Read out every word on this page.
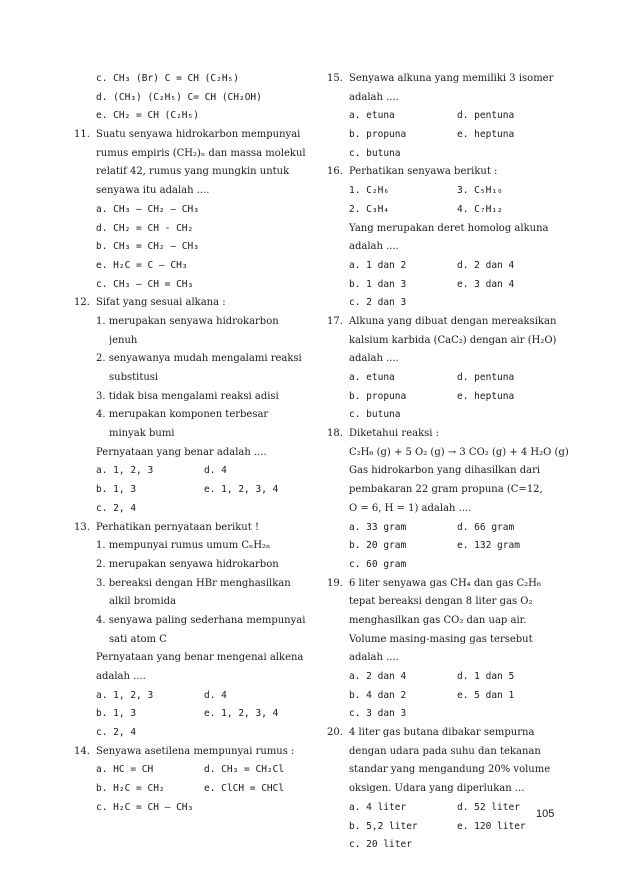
c. CH₃ (Br) C = CH (C₂H₅)
d. (CH₃) (C₂H₅) C= CH (CH₂OH)
e. CH₂ = CH (C₂H₅)
11. Suatu senyawa hidrokarbon mempunyai
rumus empiris (CH₂)ₙ dan massa molekul
relatif 42, rumus yang mungkin untuk
senyawa itu adalah ....
a. CH₃ – CH₂ – CH₃
d. CH₂ = CH - CH₂
b. CH₃ = CH₂ – CH₃
e. H₂C = C – CH₃
c. CH₃ – CH = CH₃
12. Sifat yang sesuai alkana :
1. merupakan senyawa hidrokarbon
jenuh
2. senyawanya mudah mengalami reaksi
substitusi
3. tidak bisa mengalami reaksi adisi
4. merupakan komponen terbesar
minyak bumi
Pernyataan yang benar adalah ....
a. 1, 2, 3	d. 4
b. 1, 3	e. 1, 2, 3, 4
c. 2, 4
13. Perhatikan pernyataan berikut !
1. mempunyai rumus umum CₙH₂ₙ
2. merupakan senyawa hidrokarbon
3. bereaksi dengan HBr menghasilkan
alkil bromida
4. senyawa paling sederhana mempunyai
sati atom C
Pernyataan yang benar mengenai alkena
adalah ....
a. 1, 2, 3	d. 4
b. 1, 3	e. 1, 2, 3, 4
c. 2, 4
14. Senyawa asetilena mempunyai rumus :
a. HC = CH	d. CH₃ = CH₂Cl
b. H₂C = CH₂	e. ClCH = CHCl
c. H₂C = CH – CH₃
15. Senyawa alkuna yang memiliki 3 isomer
adalah ....
a. etuna	d. pentuna
b. propuna	e. heptuna
c. butuna
16. Perhatikan senyawa berikut :
1. C₂H₆	3. C₅H₁₀
2. C₃H₄	4. C₇H₁₂
Yang merupakan deret homolog alkuna
adalah ....
a. 1 dan 2	d. 2 dan 4
b. 1 dan 3	e. 3 dan 4
c. 2 dan 3
17. Alkuna yang dibuat dengan mereaksikan
kalsium karbida (CaC₂) dengan air (H₂O)
adalah ....
a. etuna	d. pentuna
b. propuna	e. heptuna
c. butuna
18. Diketahui reaksi :
C₂H₆ (g) + 5 O₂ (g) → 3 CO₂ (g) + 4 H₂O (g)
Gas hidrokarbon yang dihasilkan dari
pembakaran 22 gram propuna (C=12,
O = 6, H = 1) adalah ....
a. 33 gram	d. 66 gram
b. 20 gram	e. 132 gram
c. 60 gram
19. 6 liter senyawa gas CH₄ dan gas C₂H₆
tepat bereaksi dengan 8 liter gas O₂
menghasilkan gas CO₂ dan uap air.
Volume masing-masing gas tersebut
adalah ....
a. 2 dan 4	d. 1 dan 5
b. 4 dan 2	e. 5 dan 1
c. 3 dan 3
20. 4 liter gas butana dibakar sempurna
dengan udara pada suhu dan tekanan
standar yang mengandung 20% volume
oksigen. Udara yang diperlukan ...
a. 4 liter	d. 52 liter
b. 5,2 liter	e. 120 liter
c. 20 liter
105
